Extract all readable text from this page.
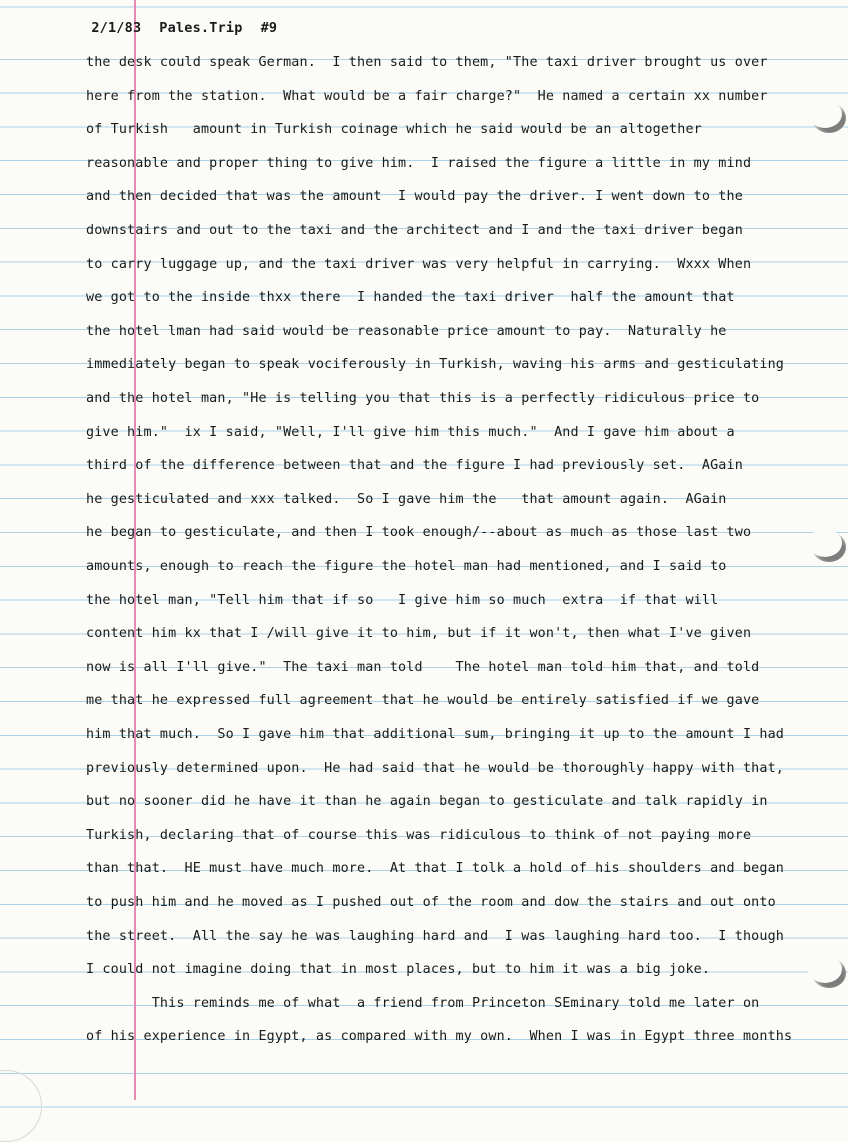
2/1/83 Pales.Trip #9

the desk could speak German.  I then said to them, "The taxi driver brought us over
here from the station.  What would be a fair charge?"  He named a certain xx number
of Turkish   amount in Turkish coinage which he said would be an altogether
reasonable and proper thing to give him.  I raised the figure a little in my mind
and then decided that was the amount  I would pay the driver. I went down to the
downstairs and out to the taxi and the architect and I and the taxi driver began
to carry luggage up, and the taxi driver was very helpful in carrying.  Wxxx When
we got to the inside thxx there  I handed the taxi driver  half the amount that
the hotel lman had said would be reasonable price amount to pay.  Naturally he
immediately began to speak vociferously in Turkish, waving his arms and gesticulating
and the hotel man, "He is telling you that this is a perfectly ridiculous price to
give him."  ix I said, "Well, I'll give him this much."  And I gave him about a
third of the difference between that and the figure I had previously set.  AGain
he gesticulated and xxx talked.  So I gave him the   that amount again.  AGain
he began to gesticulate, and then I took enough/--about as much as those last two
amounts, enough to reach the figure the hotel man had mentioned, and I said to
the hotel man, "Tell him that if so   I give him so much  extra  if that will
content him kx that I /will give it to him, but if it won't, then what I've given
now is all I'll give."  The taxi man told    The hotel man told him that, and told
me that he expressed full agreement that he would be entirely satisfied if we gave
him that much.  So I gave him that additional sum, bringing it up to the amount I had
previously determined upon.  He had said that he would be thoroughly happy with that,
but no sooner did he have it than he again began to gesticulate and talk rapidly in
Turkish, declaring that of course this was ridiculous to think of not paying more
than that.  HE must have much more.  At that I tolk a hold of his shoulders and began
to push him and he moved as I pushed out of the room and dow the stairs and out onto
the street.  All the say he was laughing hard and  I was laughing hard too.  I though
I could not imagine doing that in most places, but to him it was a big joke.
This reminds me of what  a friend from Princeton SEminary told me later on
of his experience in Egypt, as compared with my own.  When I was in Egypt three months
